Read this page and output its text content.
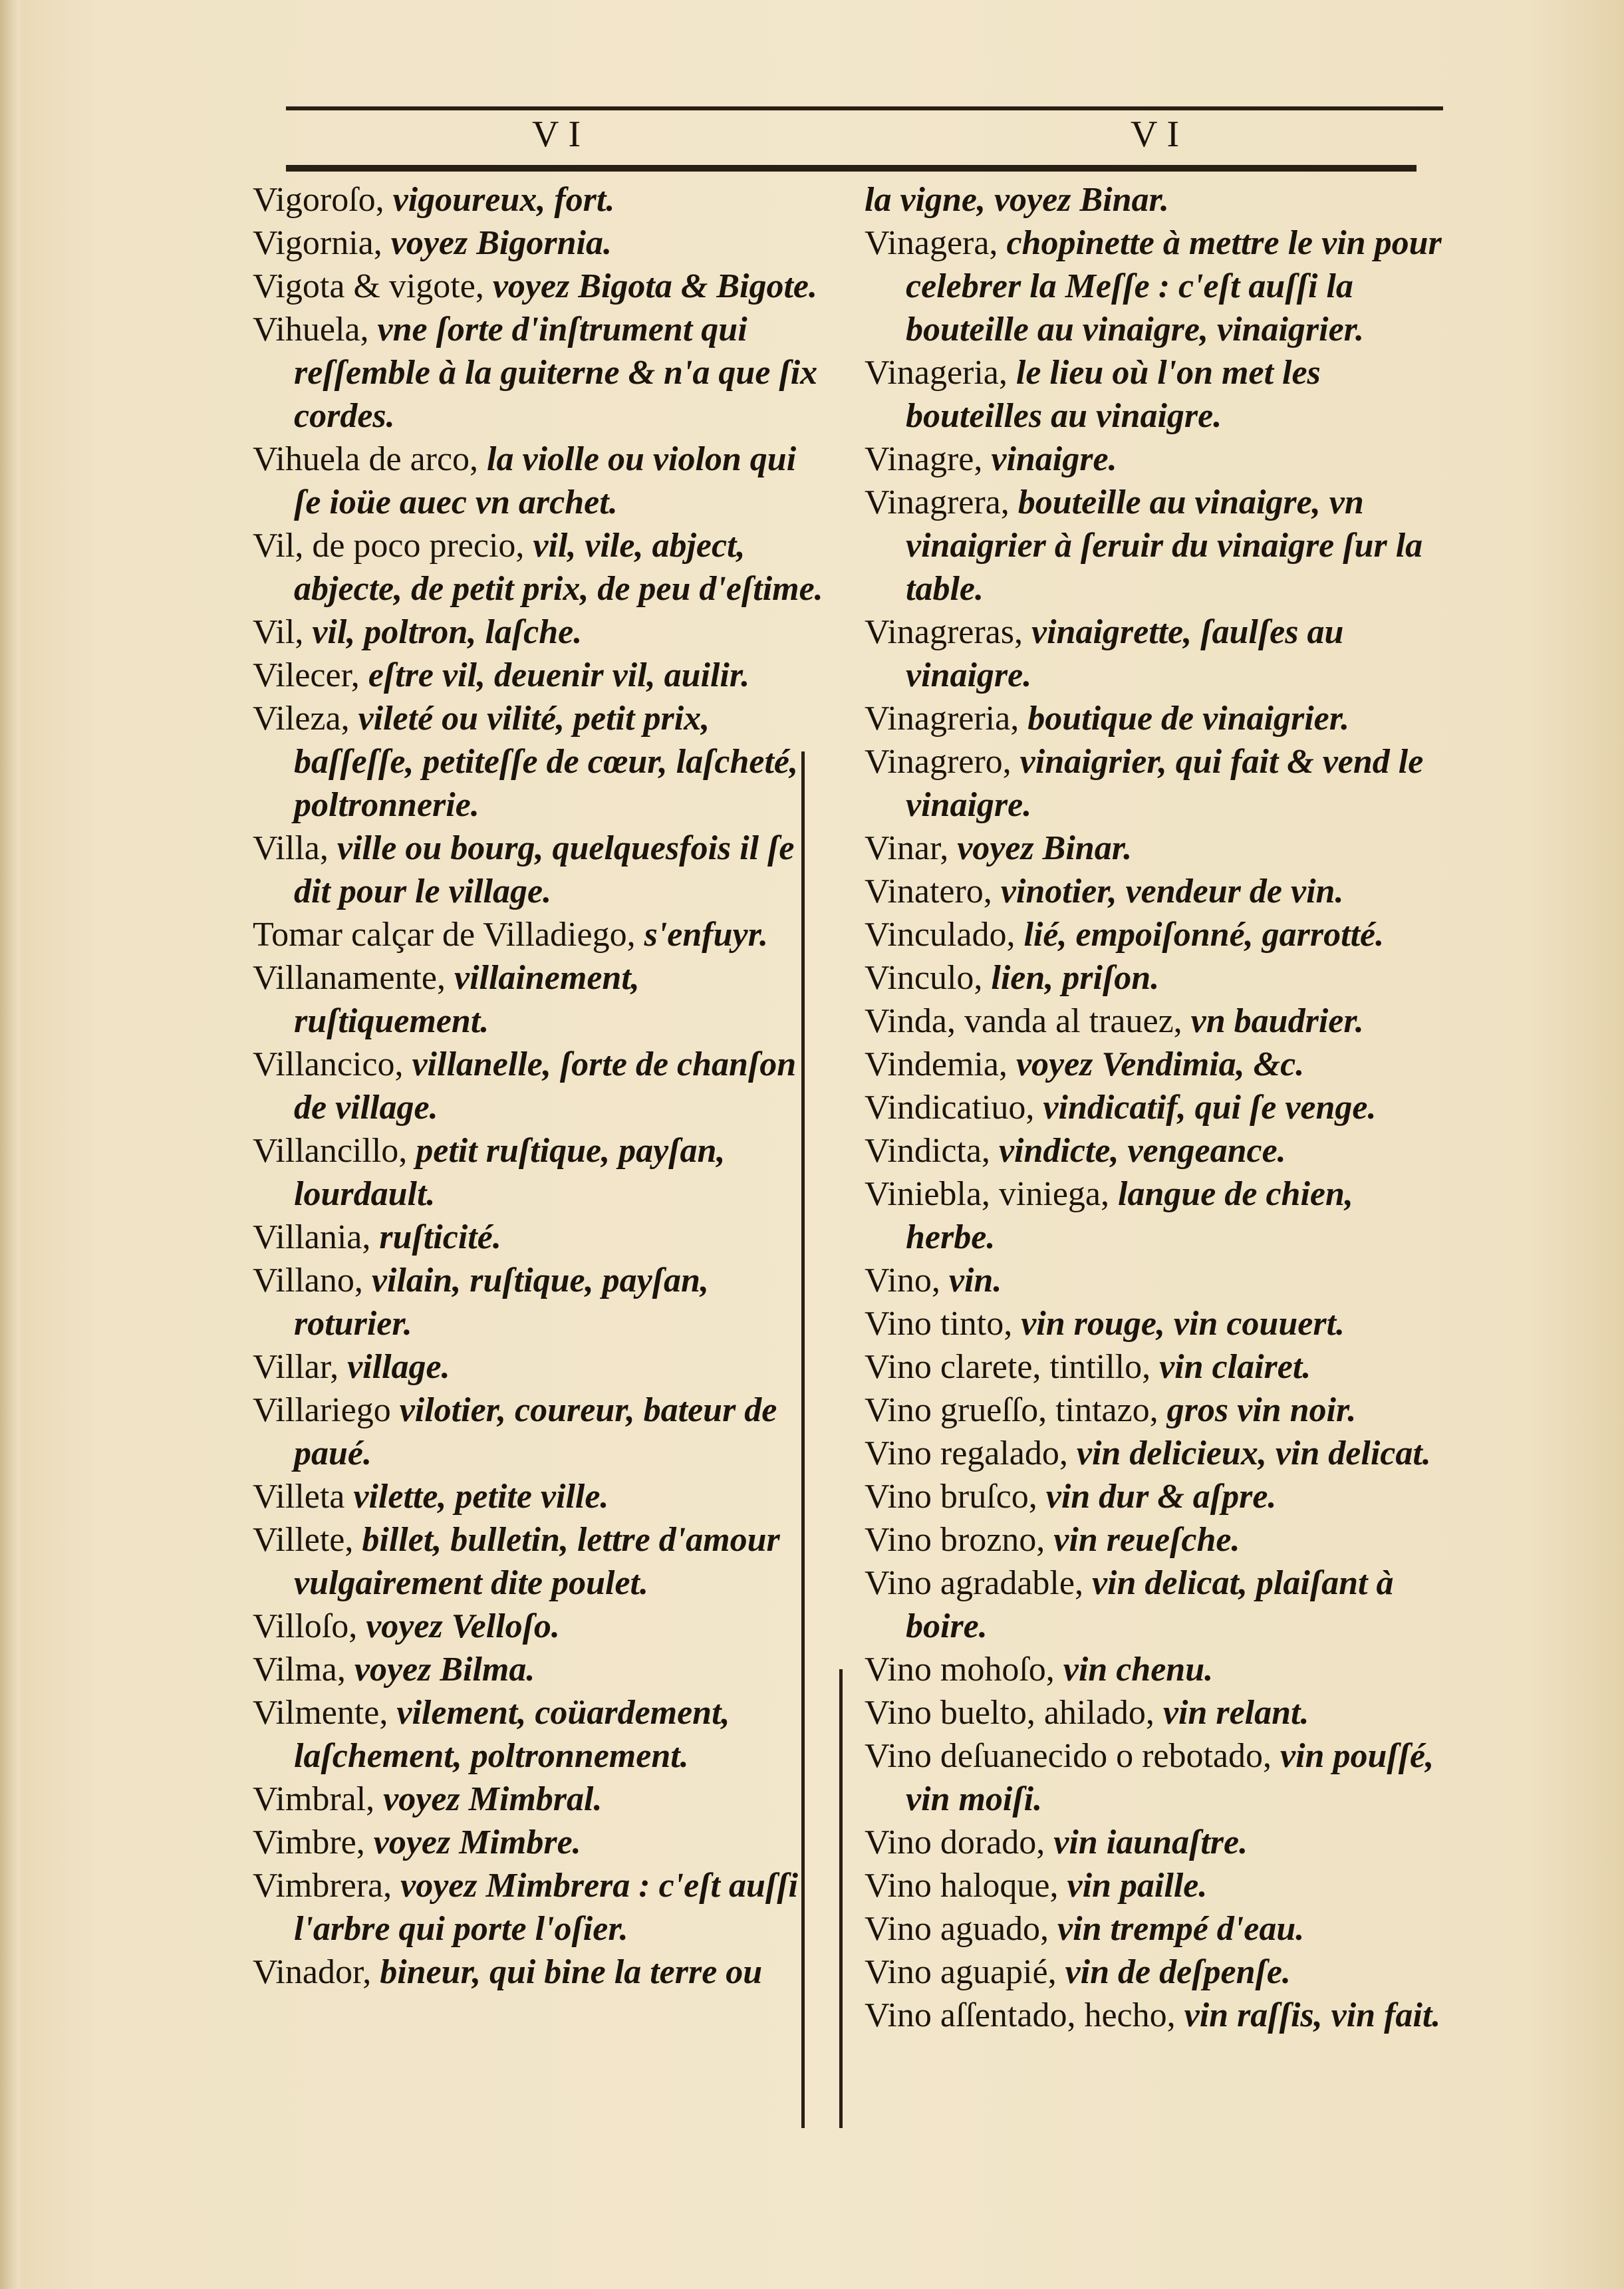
VI	VI
Vigoroſo, vigoureux, fort.
Vigornia, voyez Bigornia.
Vigota & vigote, voyez Bigota & Bigote.
Vihuela, vne ſorte d'inſtrument qui reſſemble à la guiterne & n'a que ſix cordes.
Vihuela de arco, la violle ou violon qui ſe ioüe auec vn archet.
Vil, de poco precio, vil, vile, abject, abjecte, de petit prix, de peu d'eſtime.
Vil, vil, poltron, laſche.
Vilecer, eſtre vil, deuenir vil, auilir.
Vileza, vileté ou vilité, petit prix, baſſeſſe, petiteſſe de cœur, laſcheté, poltronnerie.
Villa, ville ou bourg, quelquesfois il ſe dit pour le village.
Tomar calçar de Villadiego, s'enfuyr.
Villanamente, villainement, ruſtiquement.
Villancico, villanelle, ſorte de chanſon de village.
Villancillo, petit ruſtique, payſan, lourdault.
Villania, ruſticité.
Villano, vilain, ruſtique, payſan, roturier.
Villar, village.
Villariego vilotier, coureur, bateur de paué.
Villeta vilette, petite ville.
Villete, billet, bulletin, lettre d'amour vulgairement dite poulet.
Villoſo, voyez Velloſo.
Vilma, voyez Bilma.
Vilmente, vilement, coüardement, laſchement, poltronnement.
Vimbral, voyez Mimbral.
Vimbre, voyez Mimbre.
Vimbrera, voyez Mimbrera : c'eſt auſſi l'arbre qui porte l'oſier.
Vinador, bineur, qui bine la terre ou
la vigne, voyez Binar.
Vinagera, chopinette à mettre le vin pour celebrer la Meſſe : c'eſt auſſi la bouteille au vinaigre, vinaigrier.
Vinageria, le lieu où l'on met les bouteilles au vinaigre.
Vinagre, vinaigre.
Vinagrera, bouteille au vinaigre, vn vinaigrier à ſeruir du vinaigre ſur la table.
Vinagreras, vinaigrette, ſaulſes au vinaigre.
Vinagreria, boutique de vinaigrier.
Vinagrero, vinaigrier, qui fait & vend le vinaigre.
Vinar, voyez Binar.
Vinatero, vinotier, vendeur de vin.
Vinculado, lié, empoiſonné, garrotté.
Vinculo, lien, priſon.
Vinda, vanda al trauez, vn baudrier.
Vindemia, voyez Vendimia, &c.
Vindicatiuo, vindicatif, qui ſe venge.
Vindicta, vindicte, vengeance.
Viniebla, viniega, langue de chien, herbe.
Vino, vin.
Vino tinto, vin rouge, vin couuert.
Vino clarete, tintillo, vin clairet.
Vino grueſſo, tintazo, gros vin noir.
Vino regalado, vin delicieux, vin delicat.
Vino bruſco, vin dur & aſpre.
Vino brozno, vin reueſche.
Vino agradable, vin delicat, plaiſant à boire.
Vino mohoſo, vin chenu.
Vino buelto, ahilado, vin relant.
Vino deſuanecido o rebotado, vin pouſſé, vin moiſi.
Vino dorado, vin iaunaſtre.
Vino haloque, vin paille.
Vino aguado, vin trempé d'eau.
Vino aguapié, vin de deſpenſe.
Vino aſſentado, hecho, vin raſſis, vin fait.
